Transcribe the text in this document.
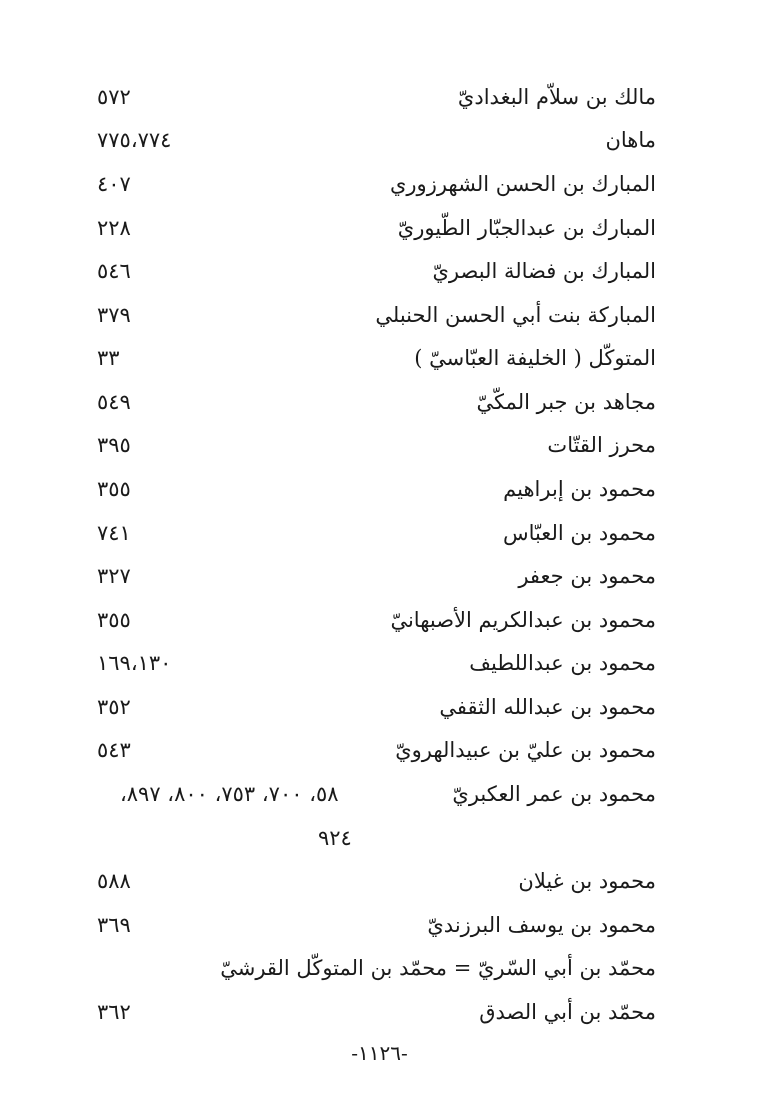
مالك بن سلاّم البغداديّ
٥٧٢
ماهان
٧٧٥،٧٧٤
المبارك بن الحسن الشهرزوري
٤٠٧
المبارك بن عبدالجبّار الطّيوريّ
٢٢٨
المبارك بن فضالة البصريّ
٥٤٦
المباركة بنت أبي الحسن الحنبلي
٣٧٩
المتوكّل ( الخليفة العبّاسيّ )
٣٣
مجاهد بن جبر المكّيّ
٥٤٩
محرز القتّات
٣٩٥
محمود بن إبراهيم
٣٥٥
محمود بن العبّاس
٧٤١
محمود بن جعفر
٣٢٧
محمود بن عبدالكريم الأصبهانيّ
٣٥٥
محمود بن عبداللطيف
١٦٩،١٣٠
محمود بن عبدالله الثقفي
٣٥٢
محمود بن عليّ بن عبيدالهرويّ
٥٤٣
محمود بن عمر العكبريّ
٥٨، ٧٠٠، ٧٥٣، ٨٠٠، ٨٩٧،
٩٢٤
محمود بن غيلان
٥٨٨
محمود بن يوسف البرزنديّ
٣٦٩
محمّد بن أبي السّريّ = محمّد بن المتوكّل القرشيّ
محمّد بن أبي الصدق
٣٦٢
-١١٢٦-
